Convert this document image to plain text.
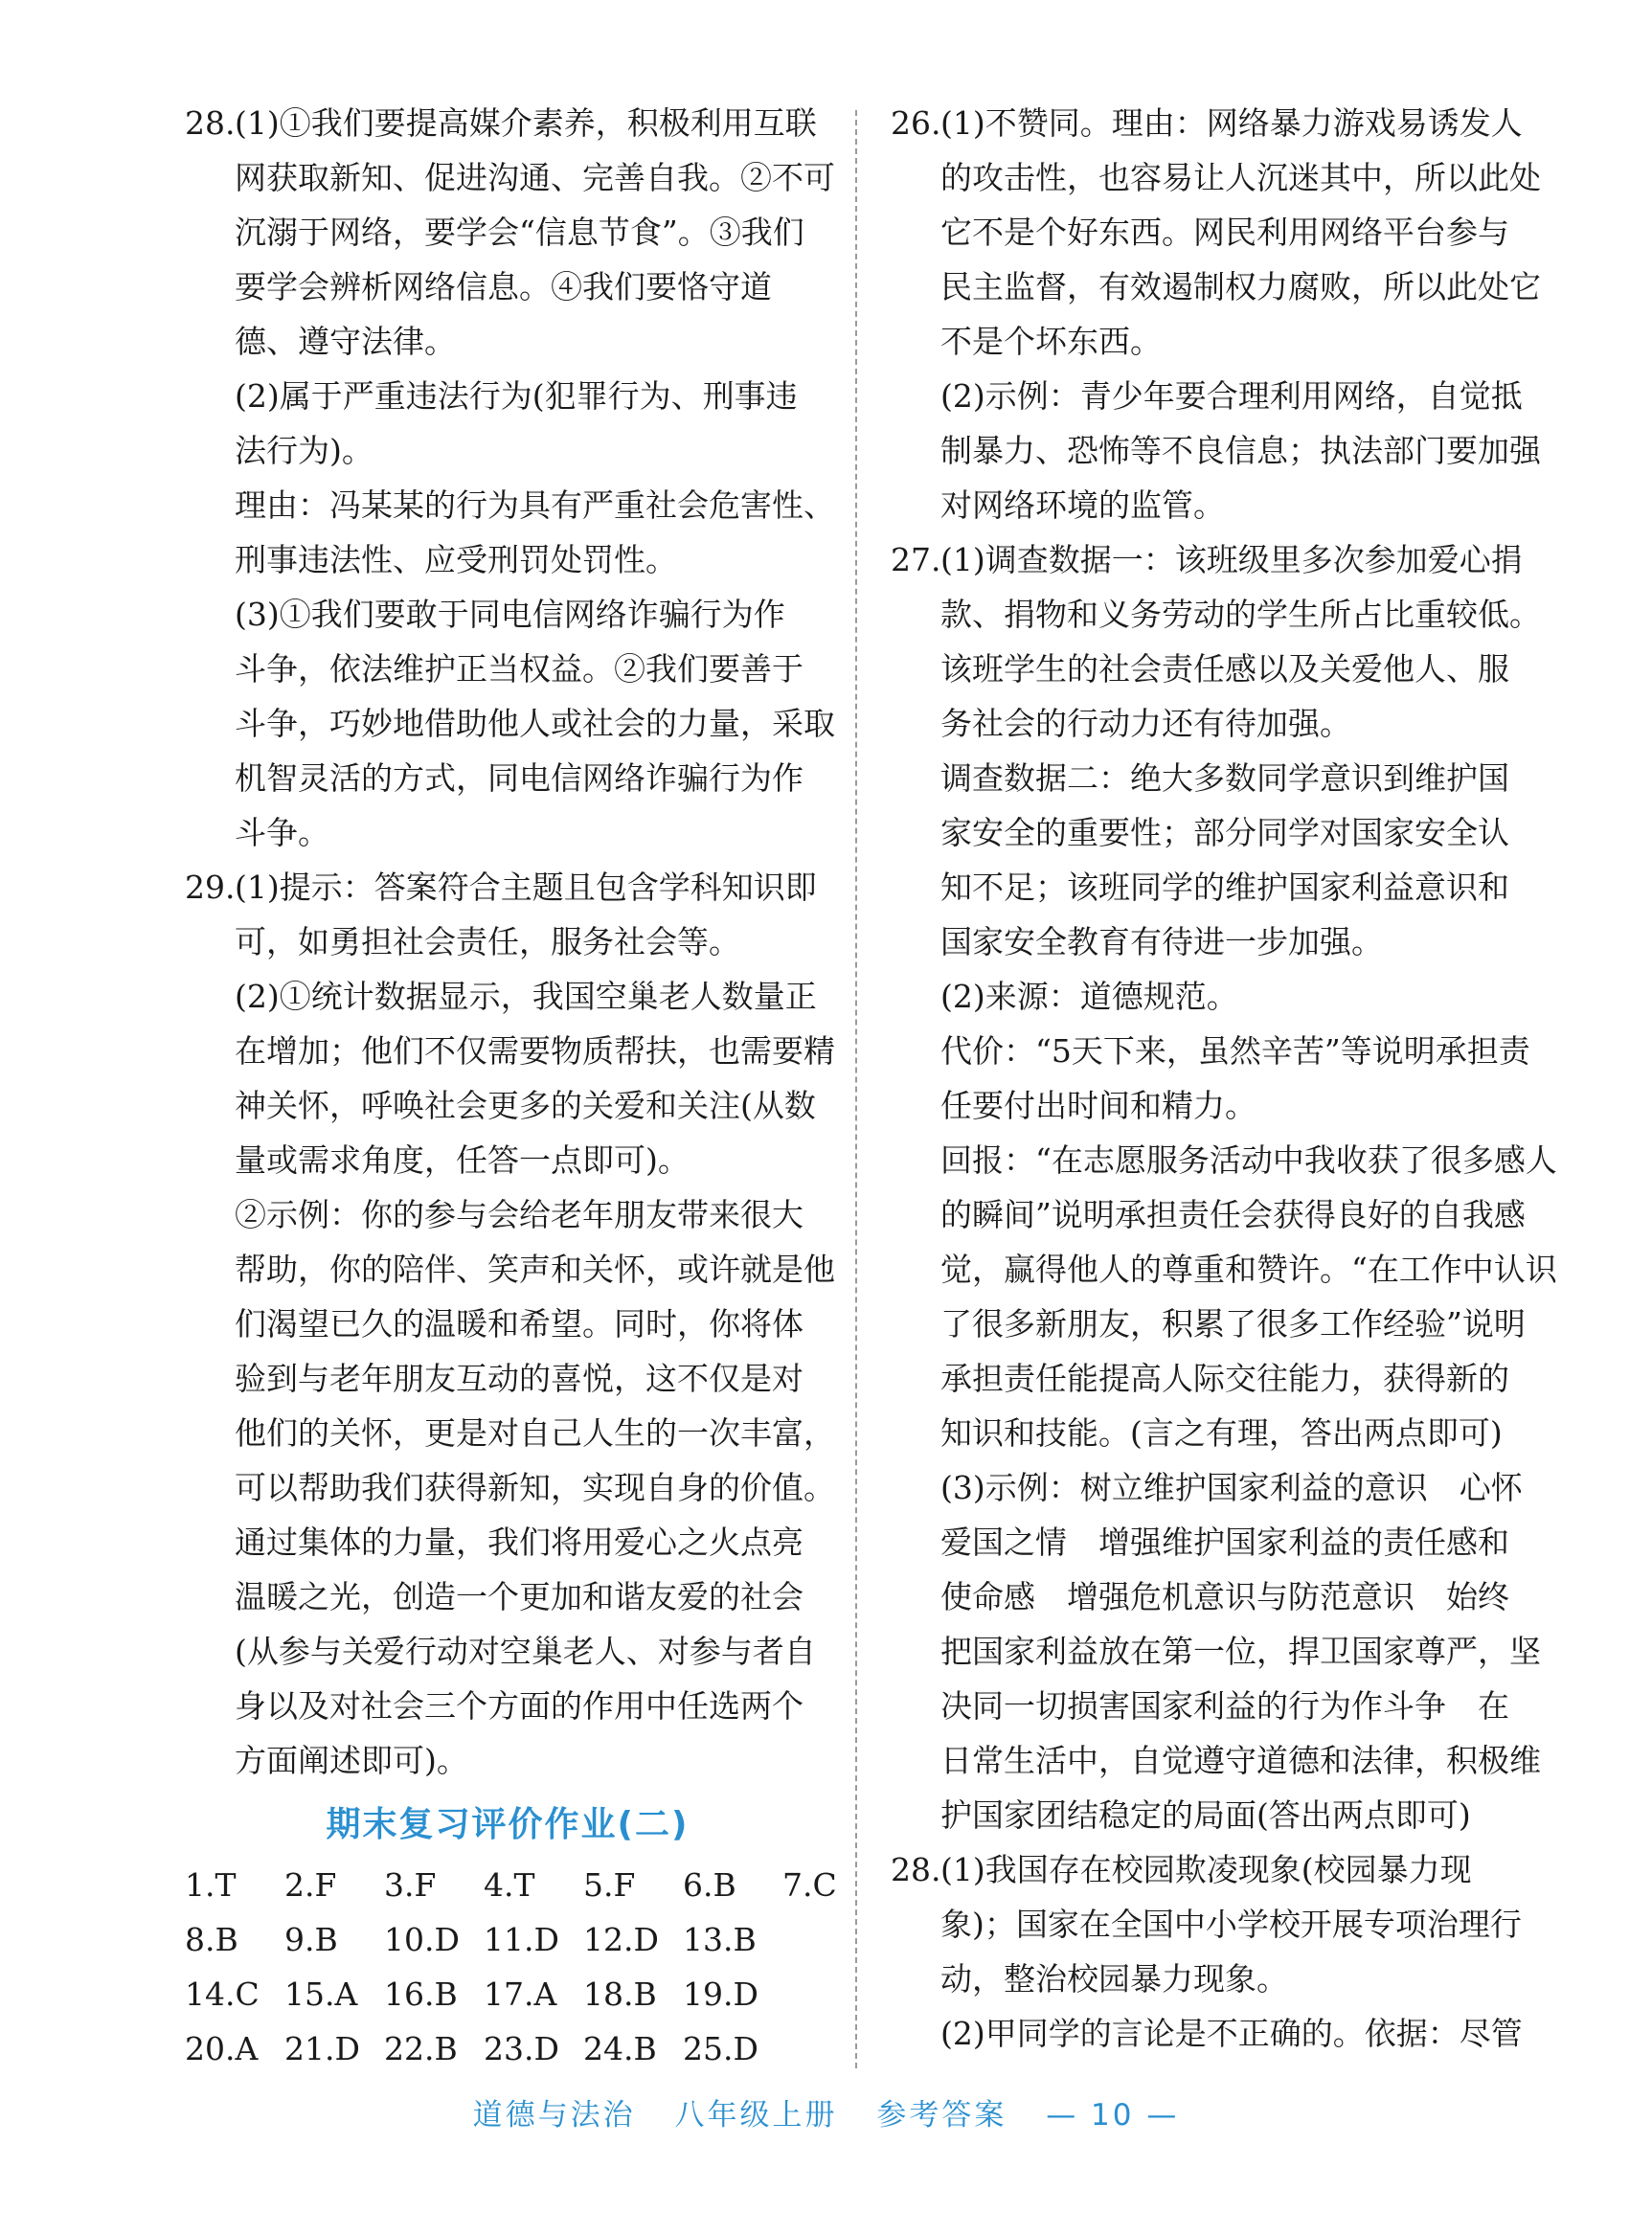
28.(1)①我们要提高媒介素养，积极利用互联
网获取新知、促进沟通、完善自我。②不可
沉溺于网络，要学会“信息节食”。③我们
要学会辨析网络信息。④我们要恪守道
德、遵守法律。
(2)属于严重违法行为(犯罪行为、刑事违
法行为)。
理由：冯某某的行为具有严重社会危害性、
刑事违法性、应受刑罚处罚性。
(3)①我们要敢于同电信网络诈骗行为作
斗争，依法维护正当权益。②我们要善于
斗争，巧妙地借助他人或社会的力量，采取
机智灵活的方式，同电信网络诈骗行为作
斗争。
29.(1)提示：答案符合主题且包含学科知识即
可，如勇担社会责任，服务社会等。
(2)①统计数据显示，我国空巢老人数量正
在增加；他们不仅需要物质帮扶，也需要精
神关怀，呼唤社会更多的关爱和关注(从数
量或需求角度，任答一点即可)。
②示例：你的参与会给老年朋友带来很大
帮助，你的陪伴、笑声和关怀，或许就是他
们渴望已久的温暖和希望。同时，你将体
验到与老年朋友互动的喜悦，这不仅是对
他们的关怀，更是对自己人生的一次丰富，
可以帮助我们获得新知，实现自身的价值。
通过集体的力量，我们将用爱心之火点亮
温暖之光，创造一个更加和谐友爱的社会
(从参与关爱行动对空巢老人、对参与者自
身以及对社会三个方面的作用中任选两个
方面阐述即可)。
期末复习评价作业(二)
1.T 2.F 3.F 4.T 5.F 6.B 7.C
8.B 9.B 10.D 11.D 12.D 13.B
14.C 15.A 16.B 17.A 18.B 19.D
20.A 21.D 22.B 23.D 24.B 25.D
26.(1)不赞同。理由：网络暴力游戏易诱发人
的攻击性，也容易让人沉迷其中，所以此处
它不是个好东西。网民利用网络平台参与
民主监督，有效遏制权力腐败，所以此处它
不是个坏东西。
(2)示例：青少年要合理利用网络，自觉抵
制暴力、恐怖等不良信息；执法部门要加强
对网络环境的监管。
27.(1)调查数据一：该班级里多次参加爱心捐
款、捐物和义务劳动的学生所占比重较低。
该班学生的社会责任感以及关爱他人、服
务社会的行动力还有待加强。
调查数据二：绝大多数同学意识到维护国
家安全的重要性；部分同学对国家安全认
知不足；该班同学的维护国家利益意识和
国家安全教育有待进一步加强。
(2)来源：道德规范。
代价：“5天下来，虽然辛苦”等说明承担责
任要付出时间和精力。
回报：“在志愿服务活动中我收获了很多感人
的瞬间”说明承担责任会获得良好的自我感
觉，赢得他人的尊重和赞许。“在工作中认识
了很多新朋友，积累了很多工作经验”说明
承担责任能提高人际交往能力，获得新的
知识和技能。(言之有理，答出两点即可)
(3)示例：树立维护国家利益的意识　心怀
爱国之情　增强维护国家利益的责任感和
使命感　增强危机意识与防范意识　始终
把国家利益放在第一位，捍卫国家尊严，坚
决同一切损害国家利益的行为作斗争　在
日常生活中，自觉遵守道德和法律，积极维
护国家团结稳定的局面(答出两点即可)
28.(1)我国存在校园欺凌现象(校园暴力现
象)；国家在全国中小学校开展专项治理行
动，整治校园暴力现象。
(2)甲同学的言论是不正确的。依据：尽管
道德与法治 八年级上册 参考答案 — 10 —
